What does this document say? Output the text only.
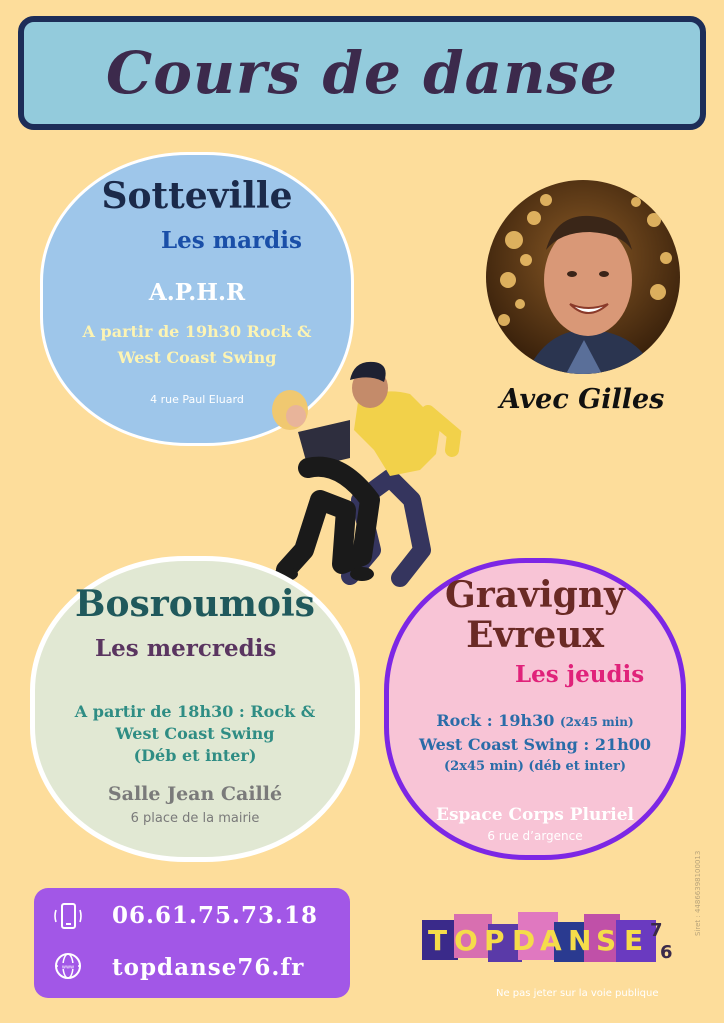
Cours de danse
Sotteville
Les mardis
A.P.H.R
A partir de 19h30 Rock &
West Coast Swing
4 rue Paul Eluard	Avec Gilles
Bosroumois
Les mercredis
A partir de 18h30 : Rock &
West Coast Swing
(Déb et inter)
Salle Jean Caillé
6 place de la mairie
Gravigny
Evreux
Les jeudis
Rock : 19h30 (2x45 min)
West Coast Swing : 21h00
(2x45 min) (déb et inter)
Espace Corps Pluriel
6 rue d’argence
06.61.75.73.18
www topdanse76.fr
T O P D A N S E 7
6
Ne pas jeter sur la voie publique
Siret : 44866398100013
